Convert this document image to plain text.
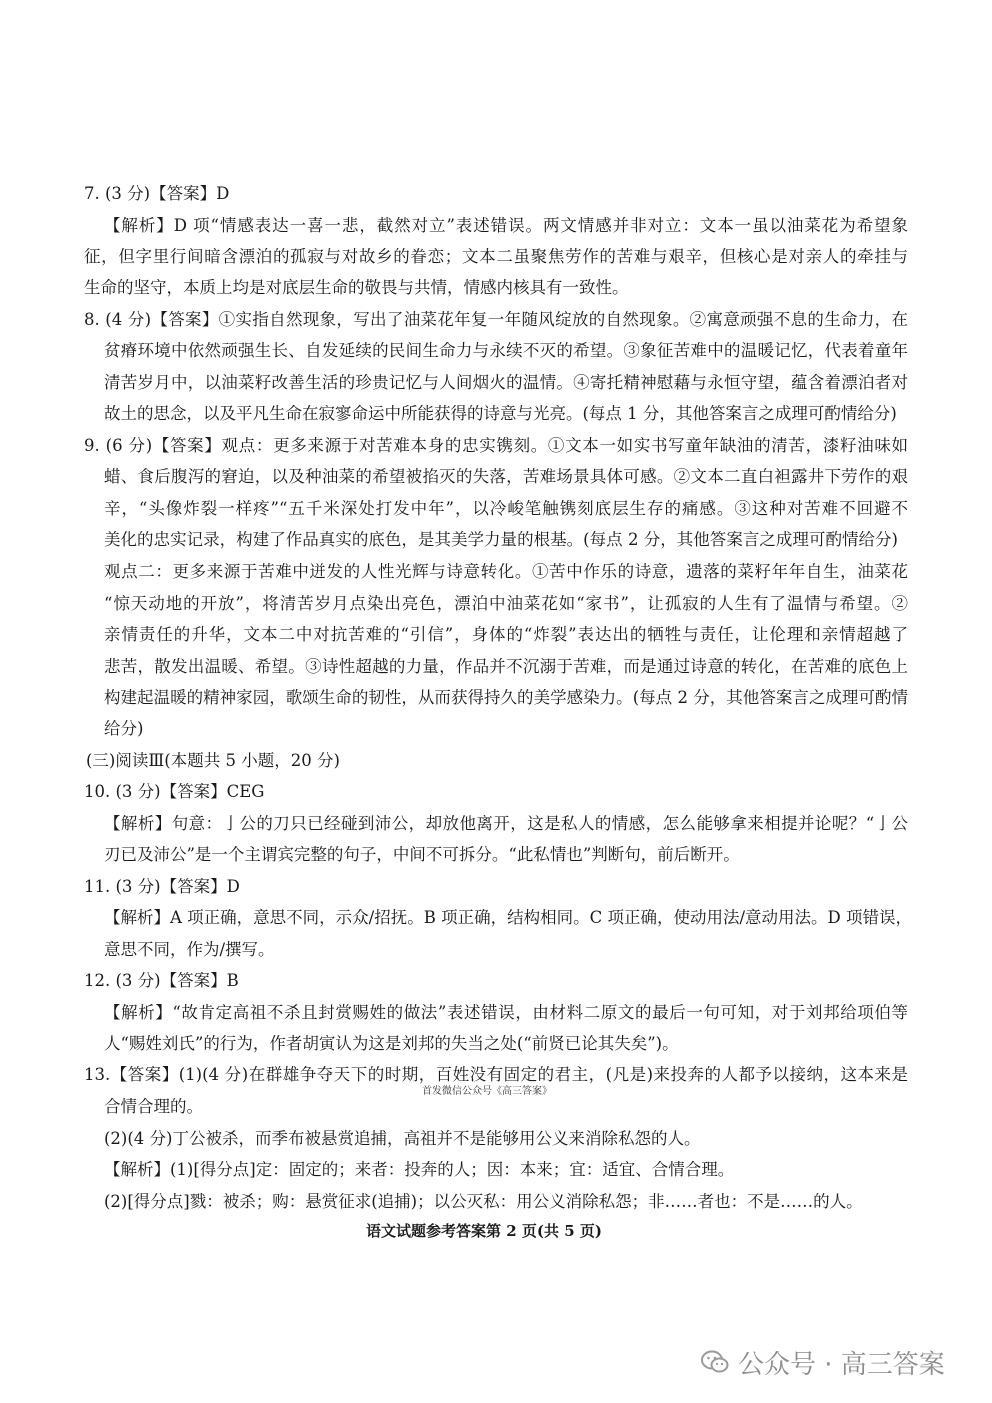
7. (3 分)【答案】D
【解析】D 项“情感表达一喜一悲，截然对立”表述错误。两文情感并非对立：文本一虽以油菜花为希望象
征，但字里行间暗含漂泊的孤寂与对故乡的眷恋；文本二虽聚焦劳作的苦难与艰辛，但核心是对亲人的牵挂与
生命的坚守，本质上均是对底层生命的敬畏与共情，情感内核具有一致性。
8. (4 分)【答案】①实指自然现象，写出了油菜花年复一年随风绽放的自然现象。②寓意顽强不息的生命力，在
贫瘠环境中依然顽强生长、自发延续的民间生命力与永续不灭的希望。③象征苦难中的温暖记忆，代表着童年
清苦岁月中，以油菜籽改善生活的珍贵记忆与人间烟火的温情。④寄托精神慰藉与永恒守望，蕴含着漂泊者对
故土的思念，以及平凡生命在寂寥命运中所能获得的诗意与光亮。(每点 1 分，其他答案言之成理可酌情给分)
9. (6 分)【答案】观点：更多来源于对苦难本身的忠实镌刻。①文本一如实书写童年缺油的清苦，漆籽油味如
蜡、食后腹泻的窘迫，以及种油菜的希望被掐灭的失落，苦难场景具体可感。②文本二直白袒露井下劳作的艰
辛，“头像炸裂一样疼”“五千米深处打发中年”，以冷峻笔触镌刻底层生存的痛感。③这种对苦难不回避不
美化的忠实记录，构建了作品真实的底色，是其美学力量的根基。(每点 2 分，其他答案言之成理可酌情给分)
观点二：更多来源于苦难中迸发的人性光辉与诗意转化。①苦中作乐的诗意，遗落的菜籽年年自生，油菜花
“惊天动地的开放”，将清苦岁月点染出亮色，漂泊中油菜花如“家书”，让孤寂的人生有了温情与希望。②
亲情责任的升华，文本二中对抗苦难的“引信”，身体的“炸裂”表达出的牺牲与责任，让伦理和亲情超越了
悲苦，散发出温暖、希望。③诗性超越的力量，作品并不沉溺于苦难，而是通过诗意的转化，在苦难的底色上
构建起温暖的精神家园，歌颂生命的韧性，从而获得持久的美学感染力。(每点 2 分，其他答案言之成理可酌情
给分)
(三)阅读Ⅲ(本题共 5 小题，20 分)
10. (3 分)【答案】CEG
【解析】句意：亅公的刀只已经碰到沛公，却放他离开，这是私人的情感，怎么能够拿来相提并论呢？“亅公
刃已及沛公”是一个主谓宾完整的句子，中间不可拆分。“此私情也”判断句，前后断开。
11. (3 分)【答案】D
【解析】A 项正确，意思不同，示众/招抚。B 项正确，结构相同。C 项正确，使动用法/意动用法。D 项错误，
意思不同，作为/撰写。
12. (3 分)【答案】B
【解析】“故肯定高祖不杀且封赏赐姓的做法”表述错误，由材料二原文的最后一句可知，对于刘邦给项伯等
人“赐姓刘氏”的行为，作者胡寅认为这是刘邦的失当之处(“前贤已论其失矣”)。
13.【答案】(1)(4 分)在群雄争夺天下的时期，百姓没有固定的君主，(凡是)来投奔的人都予以接纳，这本来是
首发微信公众号《高三答案》
合情合理的。
(2)(4 分)丁公被杀，而季布被悬赏追捕，高祖并不是能够用公义来消除私怨的人。
【解析】(1)[得分点]定：固定的；来者：投奔的人；因：本来；宜：适宜、合情合理。
(2)[得分点]戮：被杀；购：悬赏征求(追捕)；以公灭私：用公义消除私怨；非……者也：不是……的人。
语文试题参考答案第 2 页(共 5 页)
公众号 · 高三答案
